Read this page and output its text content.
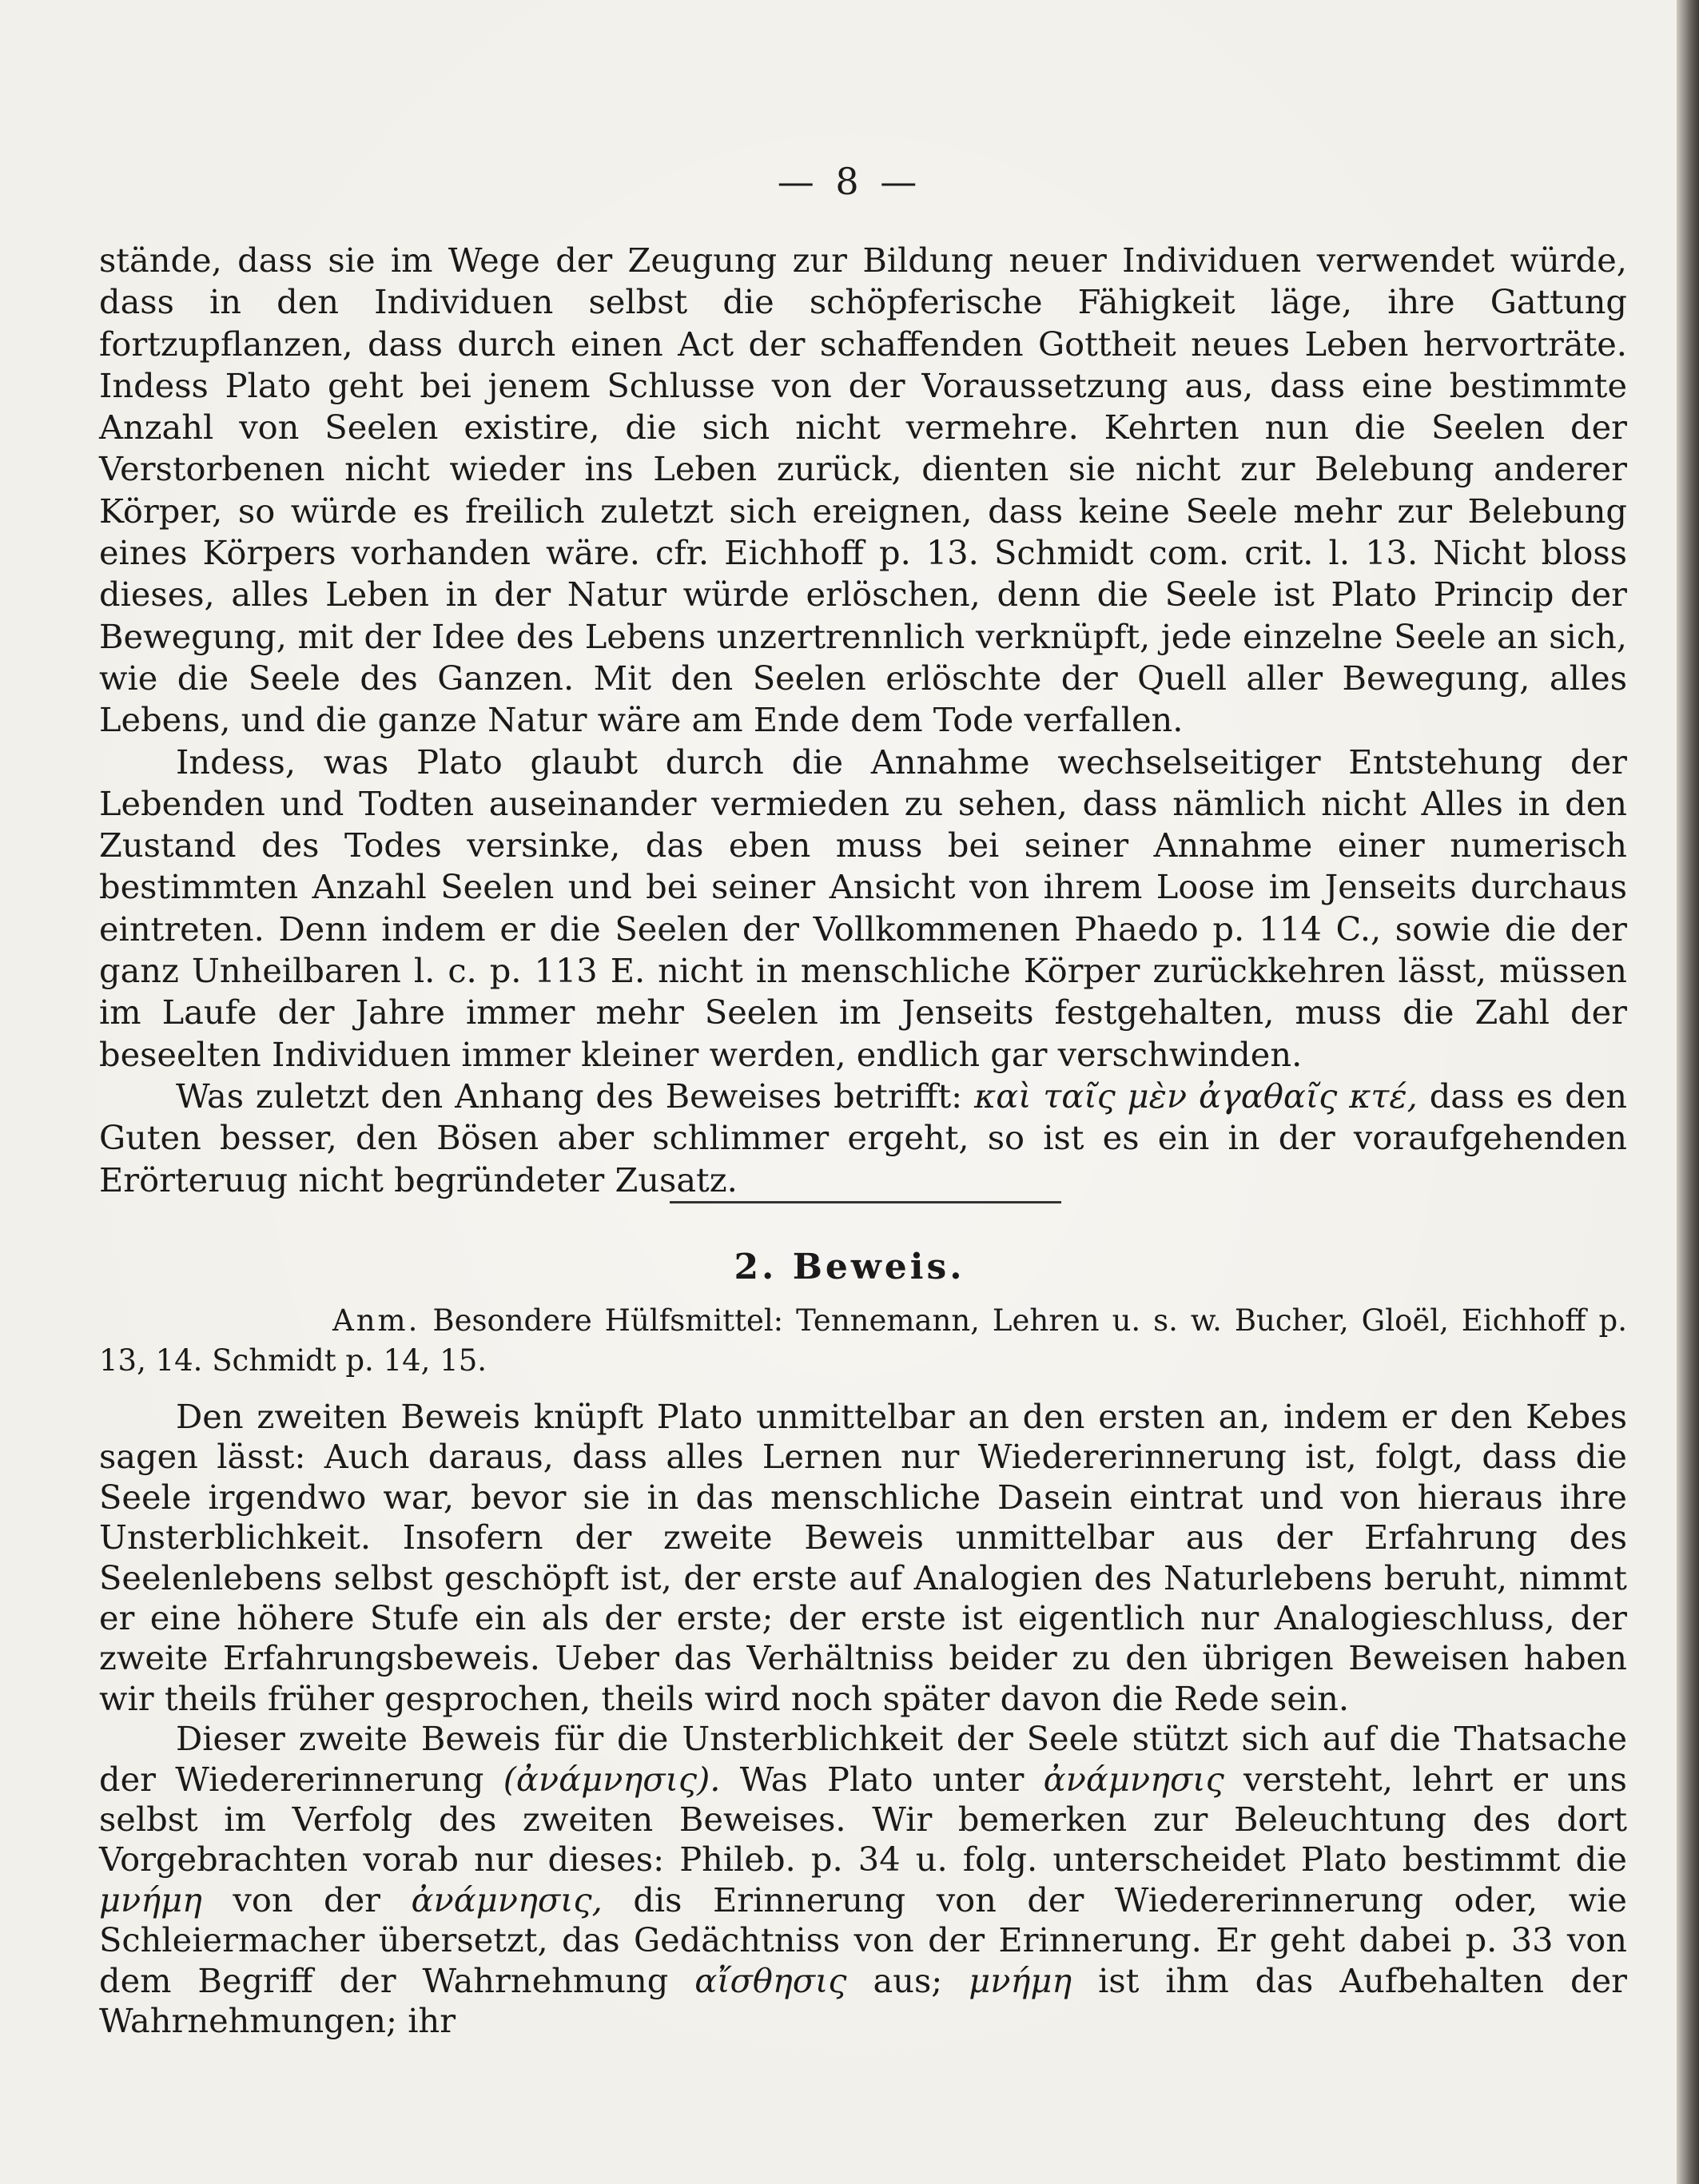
— 8 —

stände, dass sie im Wege der Zeugung zur Bildung neuer Individuen verwendet würde, dass in den Individuen selbst die schöpferische Fähigkeit läge, ihre Gattung fortzupflanzen, dass durch einen Act der schaffenden Gottheit neues Leben hervorträte. Indess Plato geht bei jenem Schlusse von der Voraussetzung aus, dass eine bestimmte Anzahl von Seelen existire, die sich nicht vermehre. Kehrten nun die Seelen der Verstorbenen nicht wieder ins Leben zurück, dienten sie nicht zur Belebung anderer Körper, so würde es freilich zuletzt sich ereignen, dass keine Seele mehr zur Belebung eines Körpers vorhanden wäre. cfr. Eichhoff p. 13. Schmidt com. crit. l. 13. Nicht bloss dieses, alles Leben in der Natur würde erlöschen, denn die Seele ist Plato Princip der Bewegung, mit der Idee des Lebens unzertrennlich verknüpft, jede einzelne Seele an sich, wie die Seele des Ganzen. Mit den Seelen erlöschte der Quell aller Bewegung, alles Lebens, und die ganze Natur wäre am Ende dem Tode verfallen.

Indess, was Plato glaubt durch die Annahme wechselseitiger Entstehung der Lebenden und Todten auseinander vermieden zu sehen, dass nämlich nicht Alles in den Zustand des Todes versinke, das eben muss bei seiner Annahme einer numerisch bestimmten Anzahl Seelen und bei seiner Ansicht von ihrem Loose im Jenseits durchaus eintreten. Denn indem er die Seelen der Vollkommenen Phaedo p. 114 C., sowie die der ganz Unheilbaren l. c. p. 113 E. nicht in menschliche Körper zurückkehren lässt, müssen im Laufe der Jahre immer mehr Seelen im Jenseits festgehalten, muss die Zahl der beseelten Individuen immer kleiner werden, endlich gar verschwinden.

Was zuletzt den Anhang des Beweises betrifft: καὶ ταῖς μὲν ἀγαθαῖς κτέ, dass es den Guten besser, den Bösen aber schlimmer ergeht, so ist es ein in der voraufgehenden Erörteruug nicht begründeter Zusatz.

2. Beweis.

Anm. Besondere Hülfsmittel: Tennemann, Lehren u. s. w. Bucher, Gloël, Eichhoff p. 13, 14. Schmidt p. 14, 15.

Den zweiten Beweis knüpft Plato unmittelbar an den ersten an, indem er den Kebes sagen lässt: Auch daraus, dass alles Lernen nur Wiedererinnerung ist, folgt, dass die Seele irgendwo war, bevor sie in das menschliche Dasein eintrat und von hieraus ihre Unsterblichkeit. Insofern der zweite Beweis unmittelbar aus der Erfahrung des Seelenlebens selbst geschöpft ist, der erste auf Analogien des Naturlebens beruht, nimmt er eine höhere Stufe ein als der erste; der erste ist eigentlich nur Analogieschluss, der zweite Erfahrungsbeweis. Ueber das Verhältniss beider zu den übrigen Beweisen haben wir theils früher gesprochen, theils wird noch später davon die Rede sein.

Dieser zweite Beweis für die Unsterblichkeit der Seele stützt sich auf die Thatsache der Wiedererinnerung (ἀνάμνησις). Was Plato unter ἀνάμνησις versteht, lehrt er uns selbst im Verfolg des zweiten Beweises. Wir bemerken zur Beleuchtung des dort Vorgebrachten vorab nur dieses: Phileb. p. 34 u. folg. unterscheidet Plato bestimmt die μνήμη von der ἀνάμνησις, dis Erinnerung von der Wiedererinnerung oder, wie Schleiermacher übersetzt, das Gedächtniss von der Erinnerung. Er geht dabei p. 33 von dem Begriff der Wahrnehmung αἴσθησις aus; μνήμη ist ihm das Aufbehalten der Wahrnehmungen; ihr
